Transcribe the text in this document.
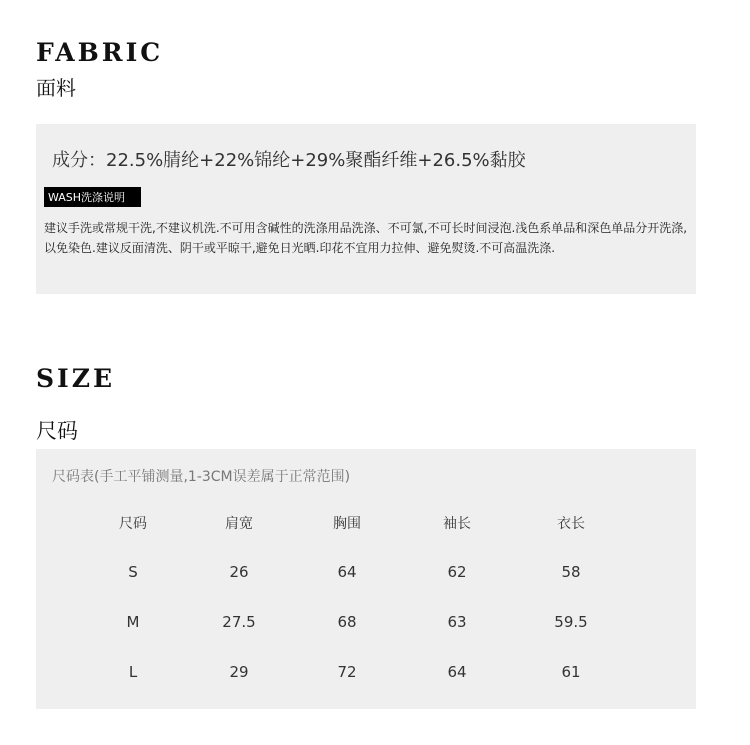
FABRIC
面料
成分：22.5%腈纶+22%锦纶+29%聚酯纤维+26.5%黏胶
WASH洗涤说明
建议手洗或常规干洗,不建议机洗.不可用含碱性的洗涤用品洗涤、不可氯,不可长时间浸泡.浅色系单品和深色单品分开洗涤,以免染色.建议反面清洗、阴干或平晾干,避免日光晒.印花不宜用力拉伸、避免熨烫.不可高温洗涤.
SIZE
尺码
尺码表(手工平铺测量,1-3CM误差属于正常范围)
尺码	肩宽	胸围	袖长	衣长
S	26	64	62	58
M	27.5	68	63	59.5
L	29	72	64	61
